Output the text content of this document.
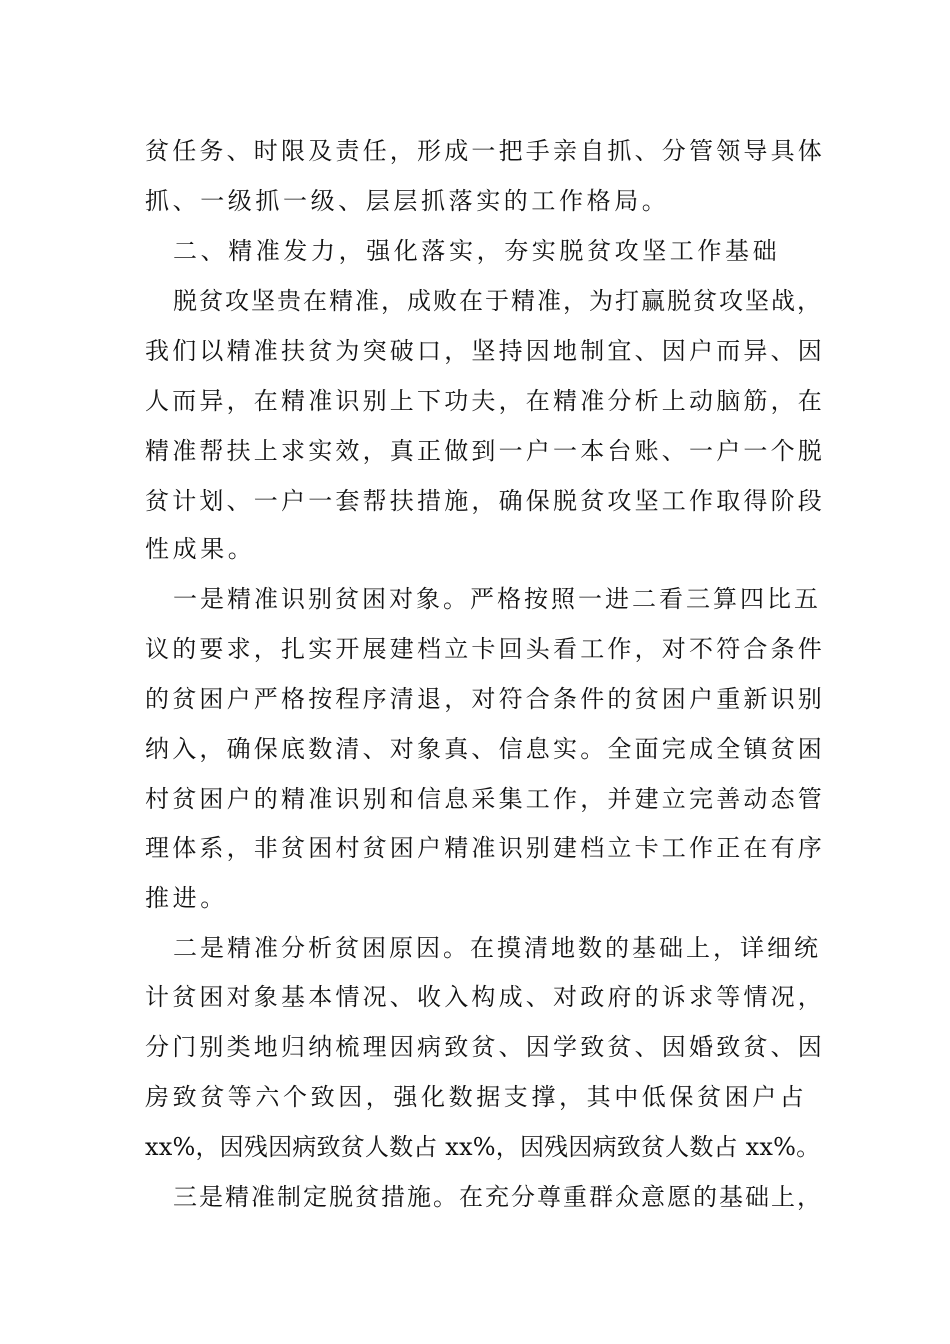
贫任务、时限及责任，形成一把手亲自抓、分管领导具体
抓、一级抓一级、层层抓落实的工作格局。
二、精准发力，强化落实，夯实脱贫攻坚工作基础
脱贫攻坚贵在精准，成败在于精准，为打赢脱贫攻坚战，
我们以精准扶贫为突破口，坚持因地制宜、因户而异、因
人而异，在精准识别上下功夫，在精准分析上动脑筋，在
精准帮扶上求实效，真正做到一户一本台账、一户一个脱
贫计划、一户一套帮扶措施，确保脱贫攻坚工作取得阶段
性成果。
一是精准识别贫困对象。严格按照一进二看三算四比五
议的要求，扎实开展建档立卡回头看工作，对不符合条件
的贫困户严格按程序清退，对符合条件的贫困户重新识别
纳入，确保底数清、对象真、信息实。全面完成全镇贫困
村贫困户的精准识别和信息采集工作，并建立完善动态管
理体系，非贫困村贫困户精准识别建档立卡工作正在有序
推进。
二是精准分析贫困原因。在摸清地数的基础上，详细统
计贫困对象基本情况、收入构成、对政府的诉求等情况，
分门别类地归纳梳理因病致贫、因学致贫、因婚致贫、因
房致贫等六个致因，强化数据支撑，其中低保贫困户占
xx%，因残因病致贫人数占 xx%，因残因病致贫人数占 xx%。
三是精准制定脱贫措施。在充分尊重群众意愿的基础上，
